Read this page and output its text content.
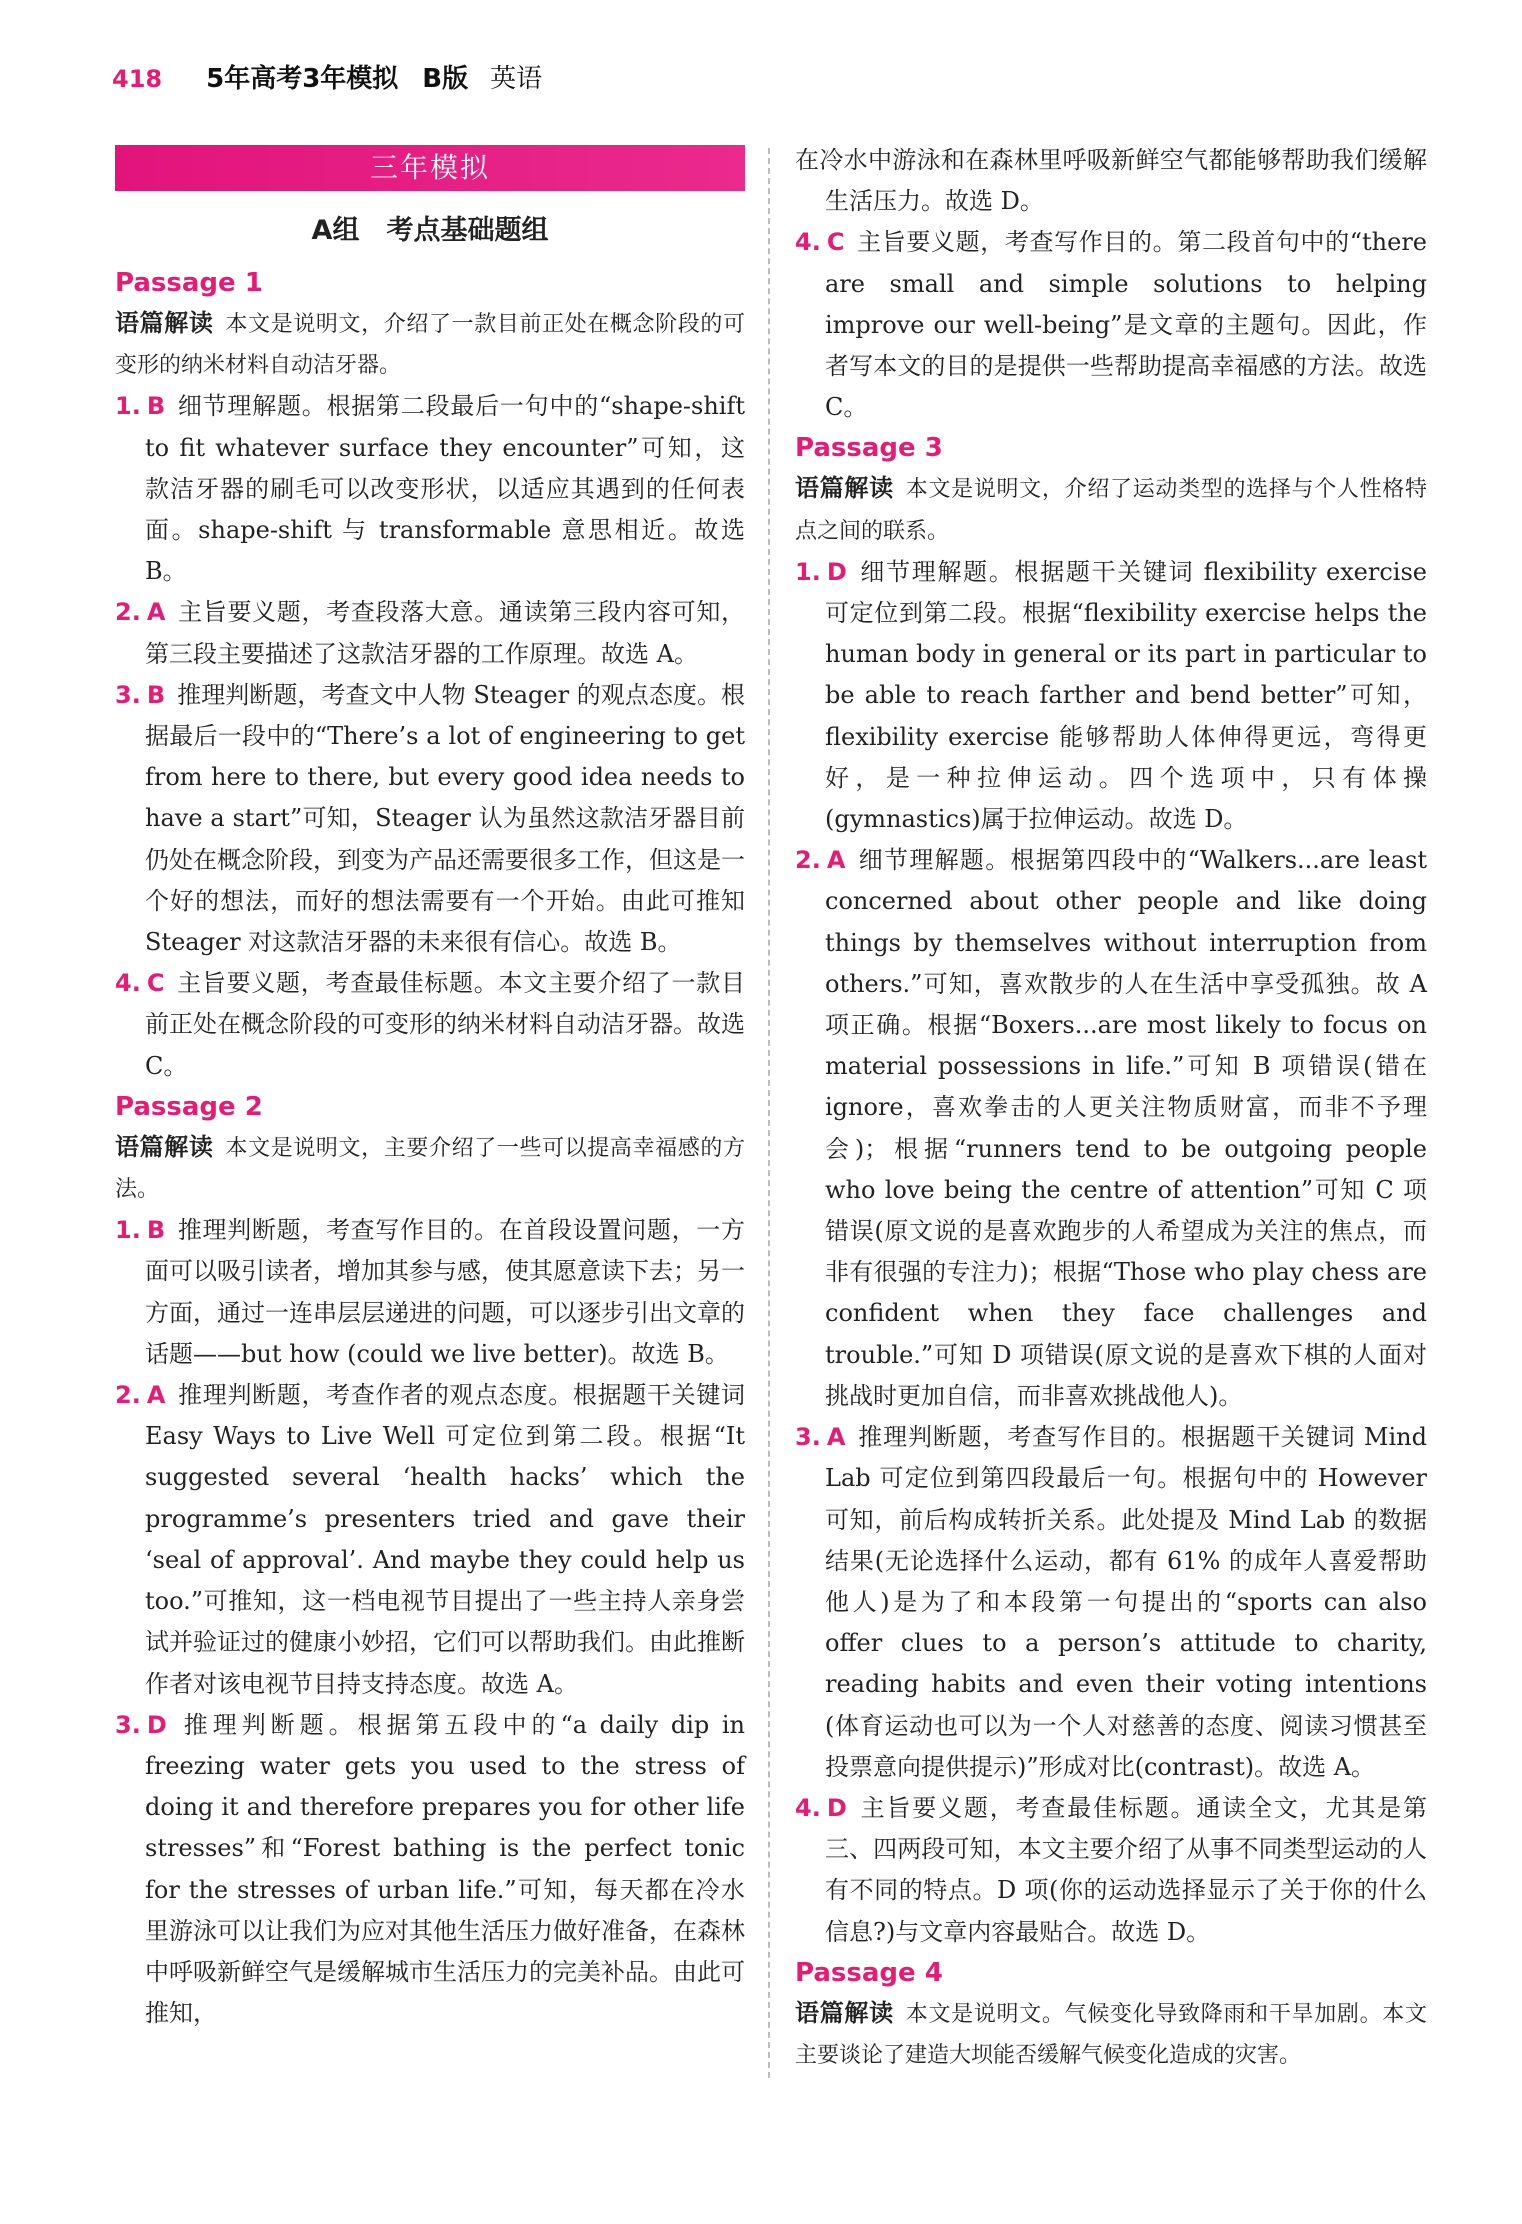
418 5年高考3年模拟 B版 英语
三年模拟
A组　考点基础题组
Passage 1
语篇解读 本文是说明文，介绍了一款目前正处在概念阶段的可变形的纳米材料自动洁牙器。
1. B 细节理解题。根据第二段最后一句中的“shape-shift to fit whatever surface they encounter”可知，这款洁牙器的刷毛可以改变形状，以适应其遇到的任何表面。shape-shift 与 transformable 意思相近。故选 B。
2. A 主旨要义题，考查段落大意。通读第三段内容可知，第三段主要描述了这款洁牙器的工作原理。故选 A。
3. B 推理判断题，考查文中人物 Steager 的观点态度。根据最后一段中的“There’s a lot of engineering to get from here to there, but every good idea needs to have a start”可知，Steager 认为虽然这款洁牙器目前仍处在概念阶段，到变为产品还需要很多工作，但这是一个好的想法，而好的想法需要有一个开始。由此可推知 Steager 对这款洁牙器的未来很有信心。故选 B。
4. C 主旨要义题，考查最佳标题。本文主要介绍了一款目前正处在概念阶段的可变形的纳米材料自动洁牙器。故选 C。
Passage 2
语篇解读 本文是说明文，主要介绍了一些可以提高幸福感的方法。
1. B 推理判断题，考查写作目的。在首段设置问题，一方面可以吸引读者，增加其参与感，使其愿意读下去；另一方面，通过一连串层层递进的问题，可以逐步引出文章的话题——but how (could we live better)。故选 B。
2. A 推理判断题，考查作者的观点态度。根据题干关键词 Easy Ways to Live Well 可定位到第二段。根据“It suggested several ‘health hacks’ which the programme’s presenters tried and gave their ‘seal of approval’. And maybe they could help us too.”可推知，这一档电视节目提出了一些主持人亲身尝试并验证过的健康小妙招，它们可以帮助我们。由此推断作者对该电视节目持支持态度。故选 A。
3. D 推理判断题。根据第五段中的“a daily dip in freezing water gets you used to the stress of doing it and therefore prepares you for other life stresses”和“Forest bathing is the perfect tonic for the stresses of urban life.”可知，每天都在冷水里游泳可以让我们为应对其他生活压力做好准备，在森林中呼吸新鲜空气是缓解城市生活压力的完美补品。由此可推知，
在冷水中游泳和在森林里呼吸新鲜空气都能够帮助我们缓解生活压力。故选 D。
4. C 主旨要义题，考查写作目的。第二段首句中的“there are small and simple solutions to helping improve our well-being”是文章的主题句。因此，作者写本文的目的是提供一些帮助提高幸福感的方法。故选 C。
Passage 3
语篇解读 本文是说明文，介绍了运动类型的选择与个人性格特点之间的联系。
1. D 细节理解题。根据题干关键词 flexibility exercise 可定位到第二段。根据“flexibility exercise helps the human body in general or its part in particular to be able to reach farther and bend better”可知，flexibility exercise 能够帮助人体伸得更远，弯得更好，是一种拉伸运动。四个选项中，只有体操(gymnastics)属于拉伸运动。故选 D。
2. A 细节理解题。根据第四段中的“Walkers...are least concerned about other people and like doing things by themselves without interruption from others.”可知，喜欢散步的人在生活中享受孤独。故 A 项正确。根据“Boxers...are most likely to focus on material possessions in life.”可知 B 项错误(错在 ignore，喜欢拳击的人更关注物质财富，而非不予理会)；根据“runners tend to be outgoing people who love being the centre of attention”可知 C 项错误(原文说的是喜欢跑步的人希望成为关注的焦点，而非有很强的专注力)；根据“Those who play chess are confident when they face challenges and trouble.”可知 D 项错误(原文说的是喜欢下棋的人面对挑战时更加自信，而非喜欢挑战他人)。
3. A 推理判断题，考查写作目的。根据题干关键词 Mind Lab 可定位到第四段最后一句。根据句中的 However 可知，前后构成转折关系。此处提及 Mind Lab 的数据结果(无论选择什么运动，都有 61% 的成年人喜爱帮助他人)是为了和本段第一句提出的“sports can also offer clues to a person’s attitude to charity, reading habits and even their voting intentions (体育运动也可以为一个人对慈善的态度、阅读习惯甚至投票意向提供提示)”形成对比(contrast)。故选 A。
4. D 主旨要义题，考查最佳标题。通读全文，尤其是第三、四两段可知，本文主要介绍了从事不同类型运动的人有不同的特点。D 项(你的运动选择显示了关于你的什么信息?)与文章内容最贴合。故选 D。
Passage 4
语篇解读 本文是说明文。气候变化导致降雨和干旱加剧。本文主要谈论了建造大坝能否缓解气候变化造成的灾害。
